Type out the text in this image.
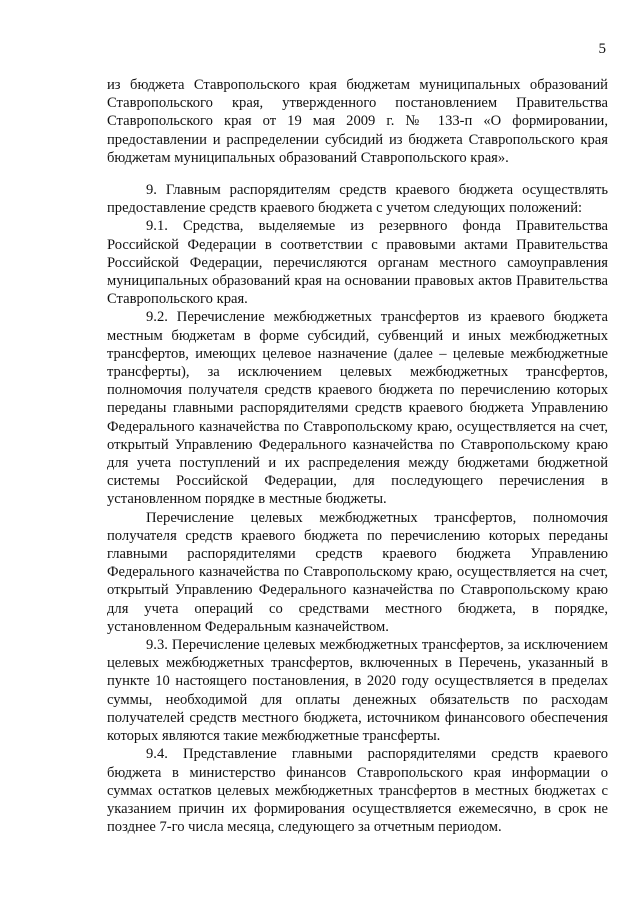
5

из бюджета Ставропольского края бюджетам муниципальных образований Ставропольского края, утвержденного постановлением Правительства Ставропольского края от 19 мая 2009 г. № 133-п «О формировании, предоставлении и распределении субсидий из бюджета Ставропольского края бюджетам муниципальных образований Ставропольского края».

9. Главным распорядителям средств краевого бюджета осуществлять предоставление средств краевого бюджета с учетом следующих положений:

9.1. Средства, выделяемые из резервного фонда Правительства Российской Федерации в соответствии с правовыми актами Правительства Российской Федерации, перечисляются органам местного самоуправления муниципальных образований края на основании правовых актов Правительства Ставропольского края.

9.2. Перечисление межбюджетных трансфертов из краевого бюджета местным бюджетам в форме субсидий, субвенций и иных межбюджетных трансфертов, имеющих целевое назначение (далее – целевые межбюджетные трансферты), за исключением целевых межбюджетных трансфертов, полномочия получателя средств краевого бюджета по перечислению которых переданы главными распорядителями средств краевого бюджета Управлению Федерального казначейства по Ставропольскому краю, осуществляется на счет, открытый Управлению Федерального казначейства по Ставропольскому краю для учета поступлений и их распределения между бюджетами бюджетной системы Российской Федерации, для последующего перечисления в установленном порядке в местные бюджеты.

Перечисление целевых межбюджетных трансфертов, полномочия получателя средств краевого бюджета по перечислению которых переданы главными распорядителями средств краевого бюджета Управлению Федерального казначейства по Ставропольскому краю, осуществляется на счет, открытый Управлению Федерального казначейства по Ставропольскому краю для учета операций со средствами местного бюджета, в порядке, установленном Федеральным казначейством.

9.3. Перечисление целевых межбюджетных трансфертов, за исключением целевых межбюджетных трансфертов, включенных в Перечень, указанный в пункте 10 настоящего постановления, в 2020 году осуществляется в пределах суммы, необходимой для оплаты денежных обязательств по расходам получателей средств местного бюджета, источником финансового обеспечения которых являются такие межбюджетные трансферты.

9.4. Представление главными распорядителями средств краевого бюджета в министерство финансов Ставропольского края информации о суммах остатков целевых межбюджетных трансфертов в местных бюджетах с указанием причин их формирования осуществляется ежемесячно, в срок не позднее 7-го числа месяца, следующего за отчетным периодом.
